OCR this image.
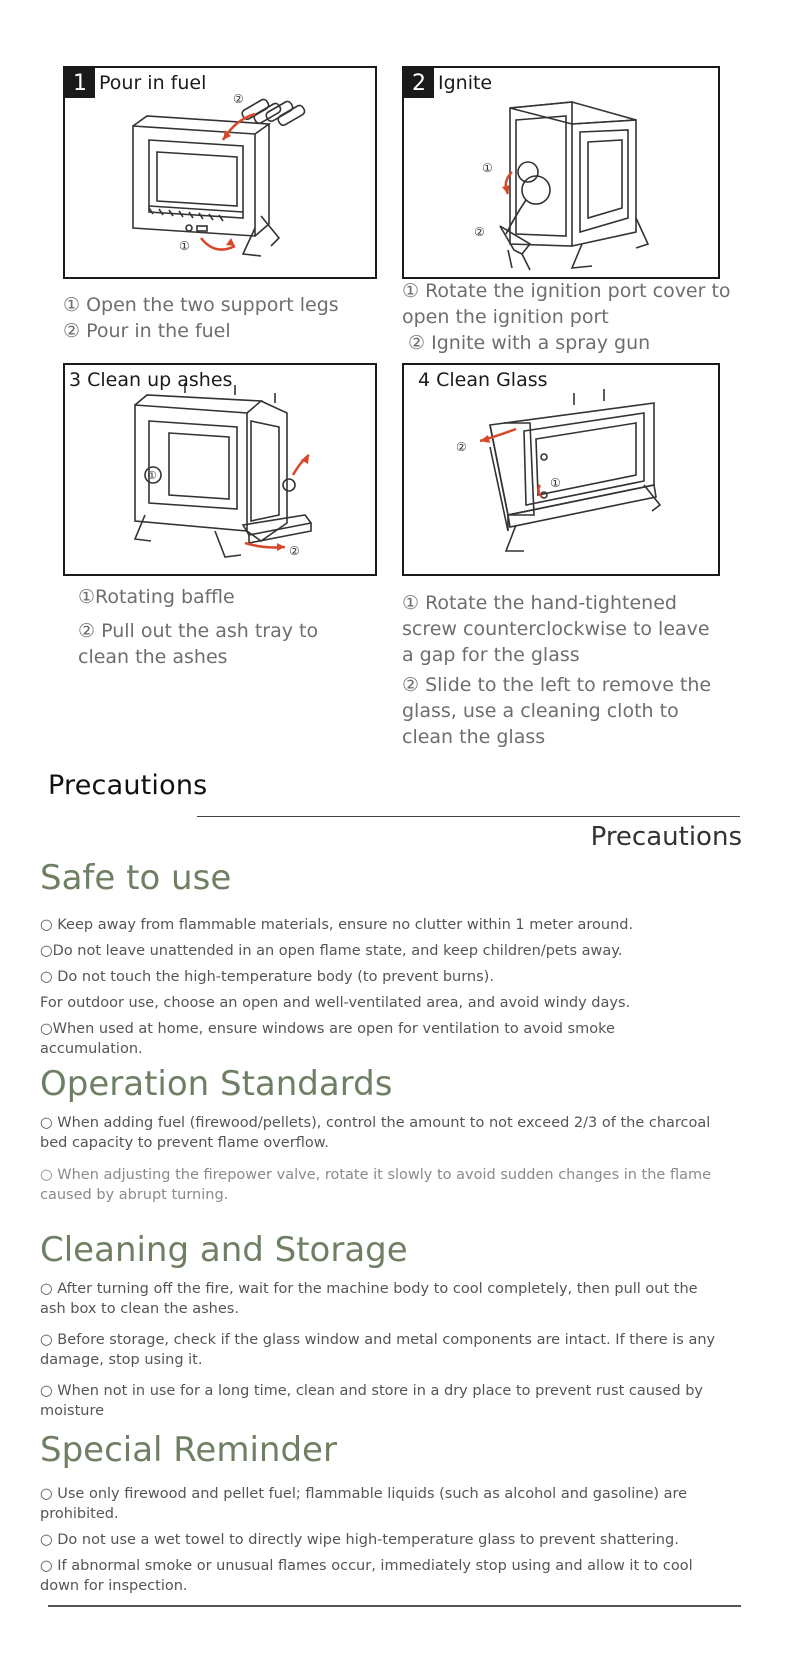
②
①
1 Pour in fuel
① Open the two support legs
② Pour in the fuel
①
②
2 Ignite
① Rotate the ignition port cover to
open the ignition port
② Ignite with a spray gun
①
②
3 Clean up ashes
①Rotating baffle
② Pull out the ash tray to
clean the ashes
②
①
4 Clean Glass
① Rotate the hand-tightened
screw counterclockwise to leave
a gap for the glass
② Slide to the left to remove the
glass, use a cleaning cloth to
clean the glass
Precautions
Precautions
Safe to use

○ Keep away from flammable materials, ensure no clutter within 1 meter around.

○Do not leave unattended in an open flame state, and keep children/pets away.

○ Do not touch the high-temperature body (to prevent burns).

For outdoor use, choose an open and well-ventilated area, and avoid windy days.

○When used at home, ensure windows are open for ventilation to avoid smoke accumulation.

Operation Standards

○ When adding fuel (firewood/pellets), control the amount to not exceed 2/3 of the charcoal bed capacity to prevent flame overflow.

○ When adjusting the firepower valve, rotate it slowly to avoid sudden changes in the flame caused by abrupt turning.

Cleaning and Storage

○ After turning off the fire, wait for the machine body to cool completely, then pull out the ash box to clean the ashes.

○ Before storage, check if the glass window and metal components are intact. If there is any damage, stop using it.

○ When not in use for a long time, clean and store in a dry place to prevent rust caused by moisture

Special Reminder

○ Use only firewood and pellet fuel; flammable liquids (such as alcohol and gasoline) are prohibited.

○ Do not use a wet towel to directly wipe high-temperature glass to prevent shattering.

○ If abnormal smoke or unusual flames occur, immediately stop using and allow it to cool down for inspection.
